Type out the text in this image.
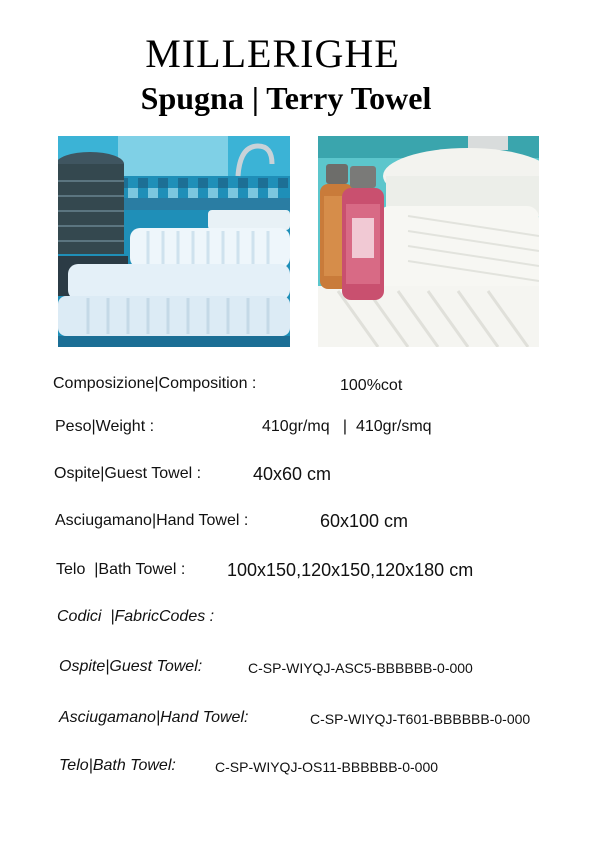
MILLERIGHE
Spugna | Terry Towel
Composizione|Composition :	100%cot
Peso|Weight :	410gr/mq   |  410gr/smq
Ospite|Guest Towel :	40x60 cm
Asciugamano|Hand Towel :	60x100 cm
Telo  |Bath Towel : 100x150,120x150,120x180 cm
Codici  |FabricCodes :
Ospite|Guest Towel:	C-SP-WIYQJ-ASC5-BBBBBB-0-000
Asciugamano|Hand Towel:	C-SP-WIYQJ-T601-BBBBBB-0-000
Telo|Bath Towel:	C-SP-WIYQJ-OS11-BBBBBB-0-000
